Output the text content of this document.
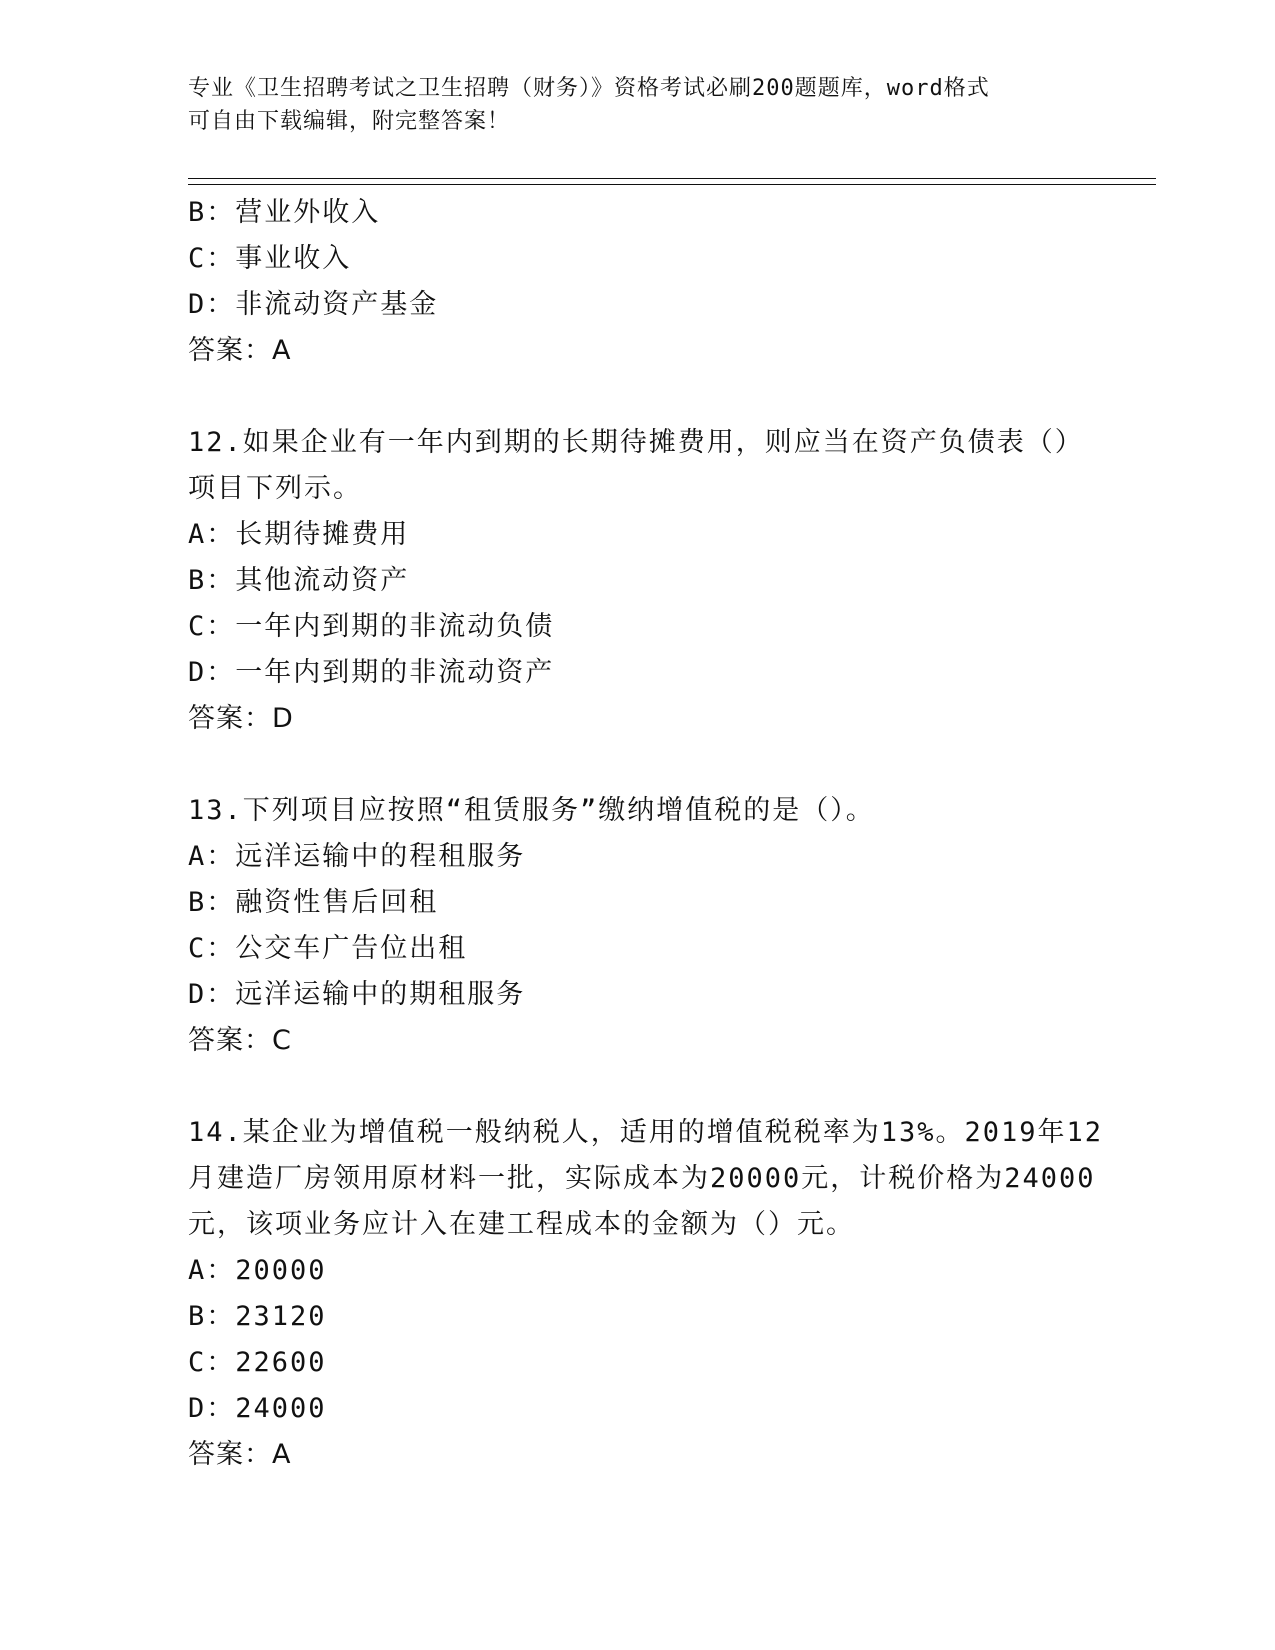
专业《卫生招聘考试之卫生招聘（财务）》资格考试必刷200题题库，word格式
可自由下载编辑，附完整答案！
B：营业外收入
C：事业收入
D：非流动资产基金
答案：A
12.如果企业有一年内到期的长期待摊费用，则应当在资产负债表（）
项目下列示。
A：长期待摊费用
B：其他流动资产
C：一年内到期的非流动负债
D：一年内到期的非流动资产
答案：D
13.下列项目应按照“租赁服务”缴纳增值税的是（）。
A：远洋运输中的程租服务
B：融资性售后回租
C：公交车广告位出租
D：远洋运输中的期租服务
答案：C
14.某企业为增值税一般纳税人，适用的增值税税率为13%。2019年12
月建造厂房领用原材料一批，实际成本为20000元，计税价格为24000
元，该项业务应计入在建工程成本的金额为（）元。
A：20000
B：23120
C：22600
D：24000
答案：A
